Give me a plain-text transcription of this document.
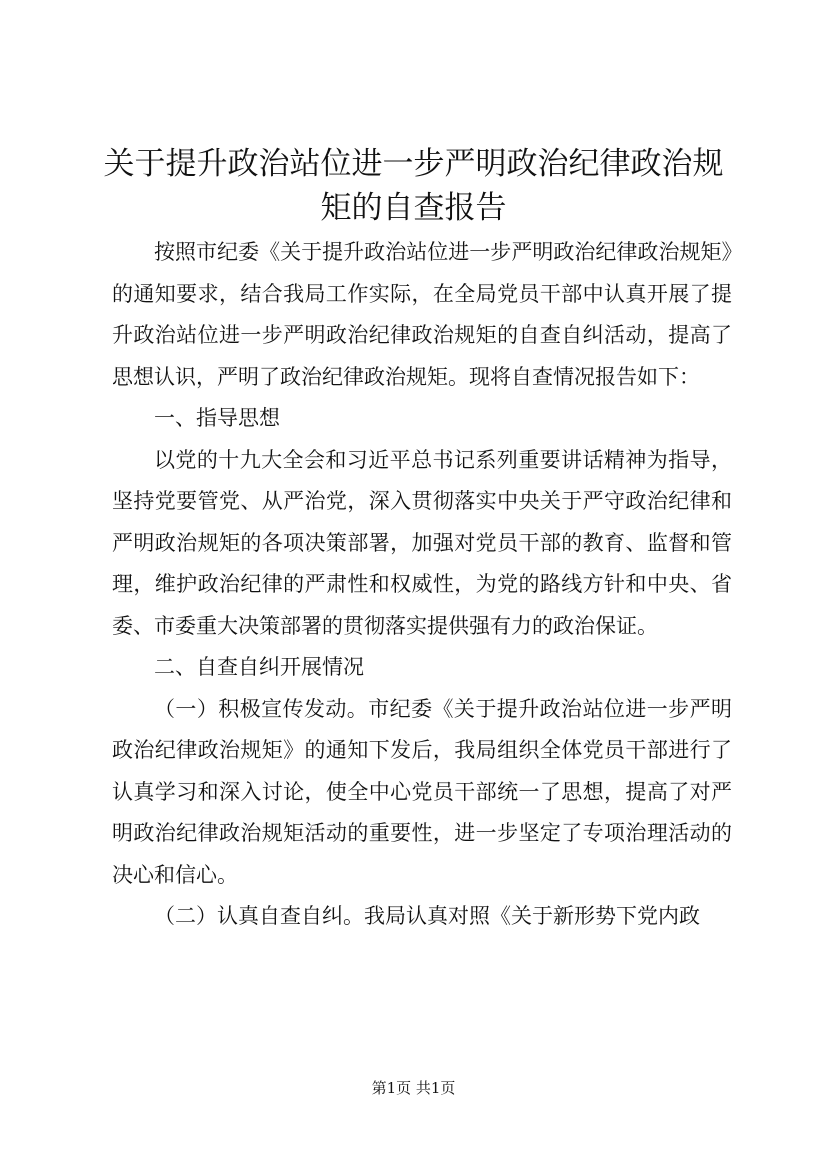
关于提升政治站位进一步严明政治纪律政治规矩的自查报告

按照市纪委《关于提升政治站位进一步严明政治纪律政治规矩》的通知要求，结合我局工作实际，在全局党员干部中认真开展了提升政治站位进一步严明政治纪律政治规矩的自查自纠活动，提高了思想认识，严明了政治纪律政治规矩。现将自查情况报告如下：

一、指导思想

以党的十九大全会和习近平总书记系列重要讲话精神为指导，坚持党要管党、从严治党，深入贯彻落实中央关于严守政治纪律和严明政治规矩的各项决策部署，加强对党员干部的教育、监督和管理，维护政治纪律的严肃性和权威性，为党的路线方针和中央、省委、市委重大决策部署的贯彻落实提供强有力的政治保证。

二、自查自纠开展情况

（一）积极宣传发动。市纪委《关于提升政治站位进一步严明政治纪律政治规矩》的通知下发后，我局组织全体党员干部进行了认真学习和深入讨论，使全中心党员干部统一了思想，提高了对严明政治纪律政治规矩活动的重要性，进一步坚定了专项治理活动的决心和信心。

（二）认真自查自纠。我局认真对照《关于新形势下党内政

第1页 共1页
